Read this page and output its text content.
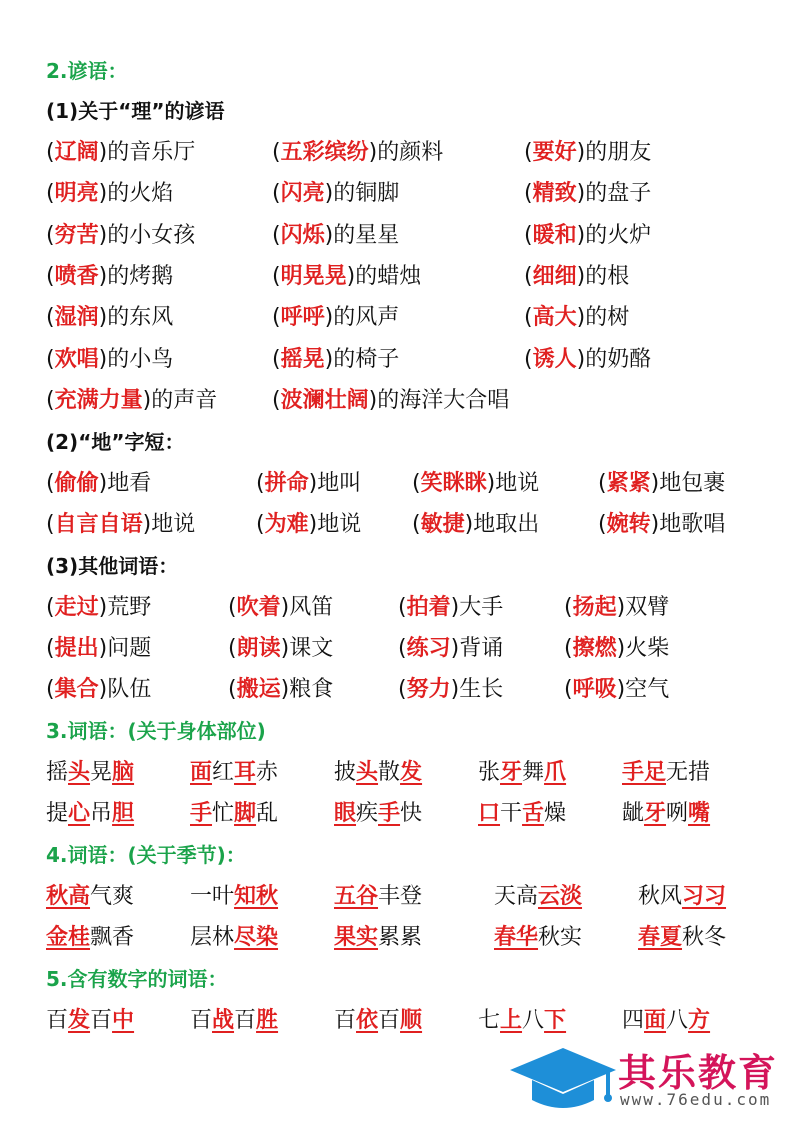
2.谚语：
(1)关于“理”的谚语
(辽阔)的音乐厅	(五彩缤纷)的颜料	(要好)的朋友
(明亮)的火焰	(闪亮)的铜脚	(精致)的盘子
(穷苦)的小女孩	(闪烁)的星星	(暖和)的火炉
(喷香)的烤鹅	(明晃晃)的蜡烛	(细细)的根
(湿润)的东风	(呼呼)的风声	(高大)的树
(欢唱)的小鸟	(摇晃)的椅子	(诱人)的奶酪
(充满力量)的声音 (波澜壮阔)的海洋大合唱
(2)“地”字短：
(偷偷)地看	(拼命)地叫 (笑眯眯)地说	(紧紧)地包裹
(自言自语)地说	(为难)地说 (敏捷)地取出	(婉转)地歌唱
(3)其他词语：
(走过)荒野	(吹着)风笛	(拍着)大手	(扬起)双臂
(提出)问题	(朗读)课文	(练习)背诵	(擦燃)火柴
(集合)队伍	(搬运)粮食	(努力)生长	(呼吸)空气
3.词语：(关于身体部位)
摇头晃脑	面红耳赤	披头散发	张牙舞爪	手足无措
提心吊胆	手忙脚乱	眼疾手快	口干舌燥	龇牙咧嘴
4.词语：(关于季节)：
秋高气爽	一叶知秋	五谷丰登	天高云淡	秋风习习
金桂飘香	层林尽染	果实累累	春华秋实	春夏秋冬
5.含有数字的词语：
百发百中	百战百胜	百依百顺	七上八下	四面八方
其乐教育
www.76edu.com
